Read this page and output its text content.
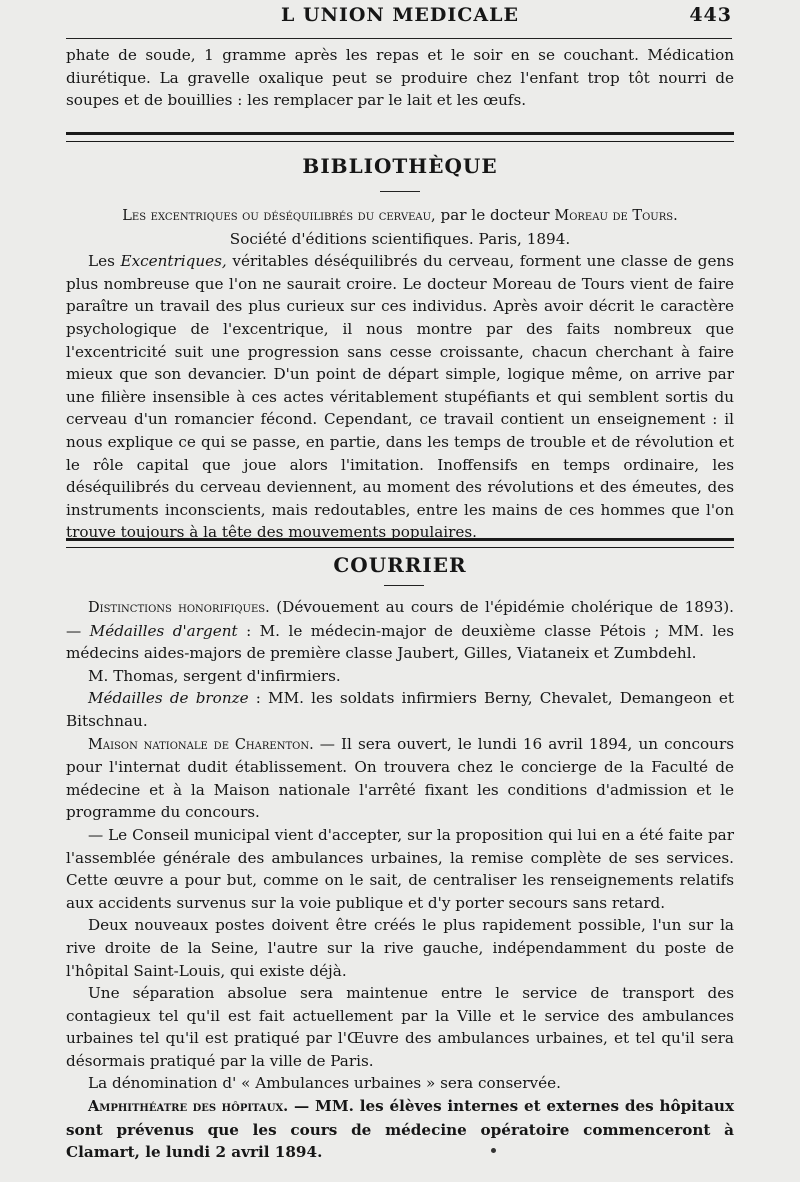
L UNION MEDICALE	443

phate de soude, 1 gramme après les repas et le soir en se couchant. Médication diurétique. La gravelle oxalique peut se produire chez l'enfant trop tôt nourri de soupes et de bouillies : les remplacer par le lait et les œufs.

BIBLIOTHÈQUE

Les excentriques ou déséquilibrés du cerveau, par le docteur Moreau de Tours.

Société d'éditions scientifiques. Paris, 1894.

Les Excentriques, véritables déséquilibrés du cerveau, forment une classe de gens plus nombreuse que l'on ne saurait croire. Le docteur Moreau de Tours vient de faire paraître un travail des plus curieux sur ces individus. Après avoir décrit le caractère psychologique de l'excentrique, il nous montre par des faits nombreux que l'excentricité suit une progression sans cesse croissante, chacun cherchant à faire mieux que son devancier. D'un point de départ simple, logique même, on arrive par une filière insensible à ces actes véritablement stupéfiants et qui semblent sortis du cerveau d'un romancier fécond. Cependant, ce travail contient un enseignement : il nous explique ce qui se passe, en partie, dans les temps de trouble et de révolution et le rôle capital que joue alors l'imitation. Inoffensifs en temps ordinaire, les déséquilibrés du cerveau deviennent, au moment des révolutions et des émeutes, des instruments inconscients, mais redoutables, entre les mains de ces hommes que l'on trouve toujours à la tête des mouvements populaires.

COURRIER

Distinctions honorifiques. (Dévouement au cours de l'épidémie cholérique de 1893). — Médailles d'argent : M. le médecin-major de deuxième classe Pétois ; MM. les médecins aides-majors de première classe Jaubert, Gilles, Viataneix et Zumbdehl.

M. Thomas, sergent d'infirmiers.

Médailles de bronze : MM. les soldats infirmiers Berny, Chevalet, Demangeon et Bitschnau.

Maison nationale de Charenton. — Il sera ouvert, le lundi 16 avril 1894, un concours pour l'internat dudit établissement. On trouvera chez le concierge de la Faculté de médecine et à la Maison nationale l'arrêté fixant les conditions d'admission et le programme du concours.

— Le Conseil municipal vient d'accepter, sur la proposition qui lui en a été faite par l'assemblée générale des ambulances urbaines, la remise complète de ses services. Cette œuvre a pour but, comme on le sait, de centraliser les renseignements relatifs aux accidents survenus sur la voie publique et d'y porter secours sans retard.

Deux nouveaux postes doivent être créés le plus rapidement possible, l'un sur la rive droite de la Seine, l'autre sur la rive gauche, indépendamment du poste de l'hôpital Saint-Louis, qui existe déjà.

Une séparation absolue sera maintenue entre le service de transport des contagieux tel qu'il est fait actuellement par la Ville et le service des ambulances urbaines tel qu'il est pratiqué par l'Œuvre des ambulances urbaines, et tel qu'il sera désormais pratiqué par la ville de Paris.

La dénomination d' « Ambulances urbaines » sera conservée.

Amphithéatre des hôpitaux. — MM. les élèves internes et externes des hôpitaux sont prévenus que les cours de médecine opératoire commenceront à Clamart, le lundi 2 avril 1894.
